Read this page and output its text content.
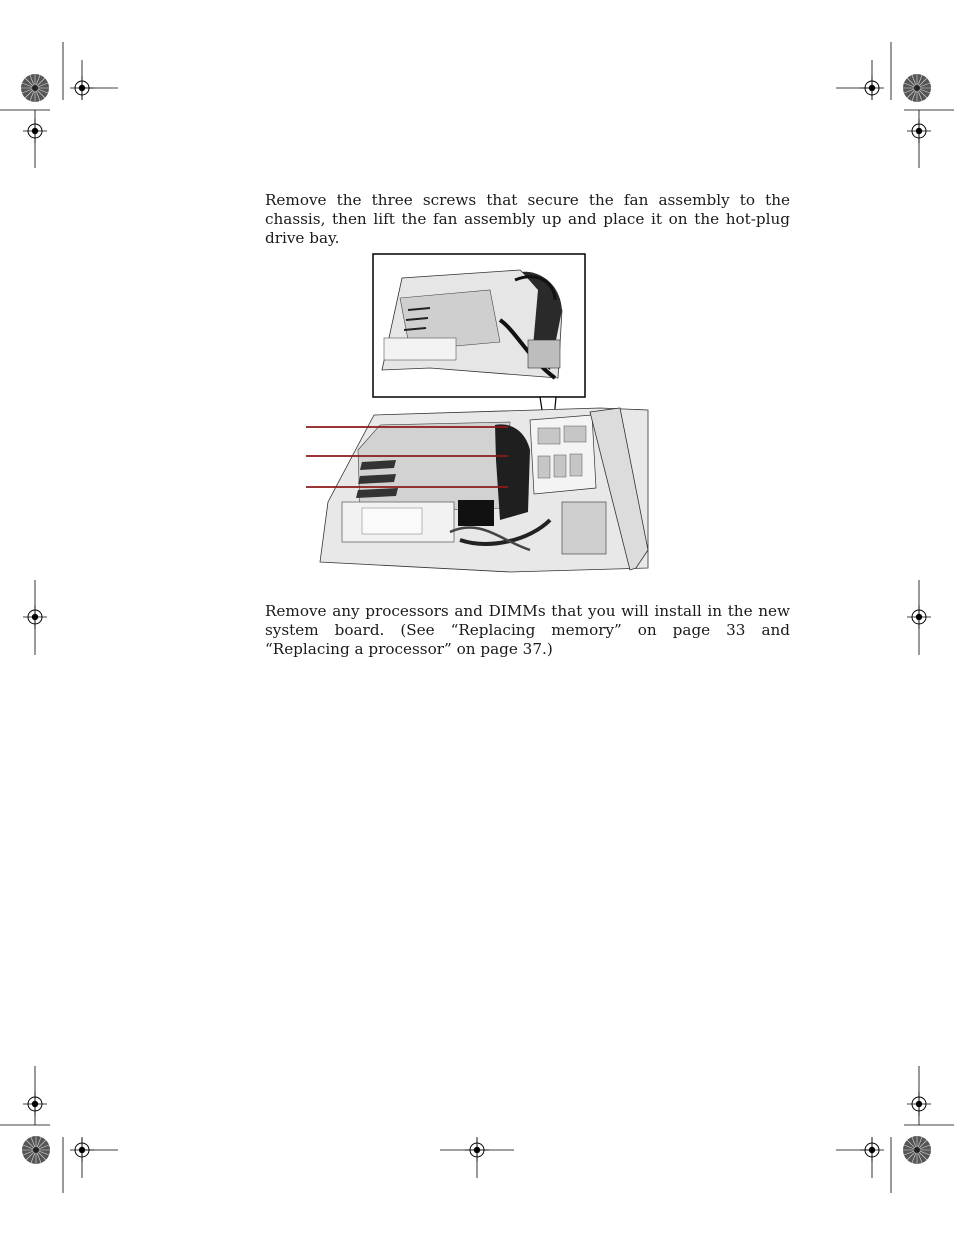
Remove the three screws that secure the fan assembly to the chassis, then lift the fan assembly up and place it on the hot-plug drive bay.

Remove any processors and DIMMs that you will install in the new system board. (See “Replacing memory” on page 33 and “Replacing a processor” on page 37.)
